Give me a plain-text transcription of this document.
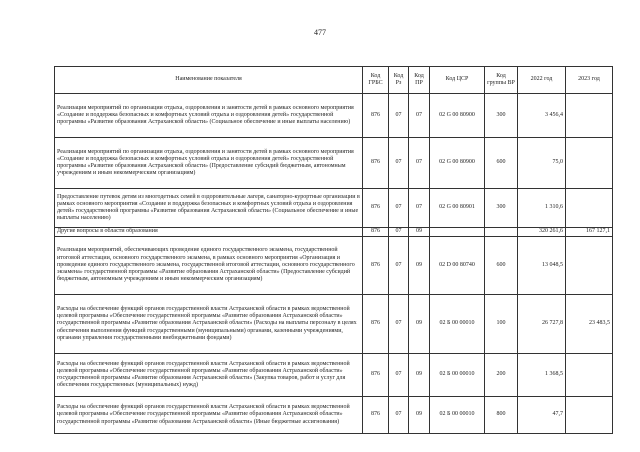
477
Наименование показателя	Код ГРБС	Код Рз	Код ПР	Код ЦСР	Код группы ВР	2022 год	2023 год
Реализация мероприятий по организации отдыха, оздоровления и занятости детей в рамках основного мероприятия «Создание и поддержка безопасных и комфортных условий отдыха и оздоровления детей» государственной программы «Развитие образования Астраханской области» (Социальное обеспечение и иные выплаты населению)	876	07	07	02 G 00 80900	300	3 456,4	
Реализация мероприятий по организации отдыха, оздоровления и занятости детей в рамках основного мероприятия «Создание и поддержка безопасных и комфортных условий отдыха и оздоровления детей» государственной программы «Развитие образования Астраханской области» (Предоставление субсидий бюджетным, автономным учреждениям и иным некоммерческим организациям)	876	07	07	02 G 00 80900	600	75,0	
Предоставление путевок детям из многодетных семей в оздоровительные лагеря, санаторно-курортные организации в рамках основного мероприятия «Создание и поддержка безопасных и комфортных условий отдыха и оздоровления детей» государственной программы «Развитие образования Астраханской области» (Социальное обеспечение и иные выплаты населению)	876	07	07	02 G 00 80901	300	1 310,6	
Другие вопросы в области образования	876	07	09			320 261,6	167 127,1
Реализация мероприятий, обеспечивающих проведение единого государственного экзамена, государственной итоговой аттестации, основного государственного экзамена, в рамках основного мероприятия «Организация и проведение единого государственного экзамена, государственной итоговой аттестации, основного государственного экзамена» государственной программы «Развитие образования Астраханской области» (Предоставление субсидий бюджетным, автономным учреждениям и иным некоммерческим организациям)	876	07	09	02 D 00 80740	600	13 048,5	
Расходы на обеспечение функций органов государственной власти Астраханской области в рамках ведомственной целевой программы «Обеспечение государственной программы «Развитие образования Астраханской области» государственной программы «Развитие образования Астраханской области» (Расходы на выплаты персоналу в целях обеспечения выполнения функций государственными (муниципальными) органами, казенными учреждениями, органами управления государственными внебюджетными фондами)	876	07	09	02 Б 00 00010	100	26 727,8	23 483,5
Расходы на обеспечение функций органов государственной власти Астраханской области в рамках ведомственной целевой программы «Обеспечение государственной программы «Развитие образования Астраханской области» государственной программы «Развитие образования Астраханской области» (Закупка товаров, работ и услуг для обеспечения государственных (муниципальных) нужд)	876	07	09	02 Б 00 00010	200	1 368,5	
Расходы на обеспечение функций органов государственной власти Астраханской области в рамках ведомственной целевой программы «Обеспечение государственной программы «Развитие образования Астраханской области» государственной программы «Развитие образования Астраханской области» (Иные бюджетные ассигнования)	876	07	09	02 Б 00 00010	800	47,7	
